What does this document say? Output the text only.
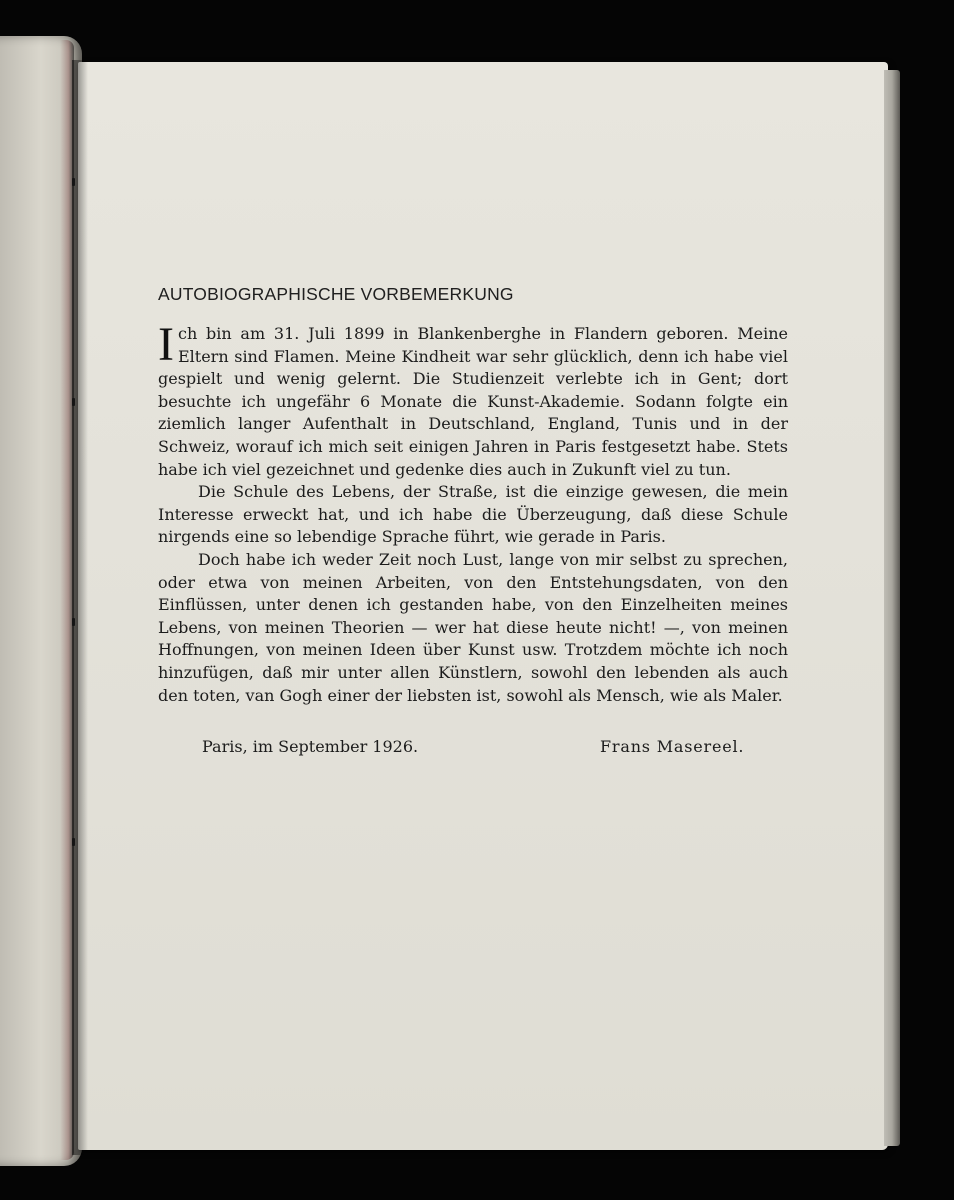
AUTOBIOGRAPHISCHE VORBEMERKUNG

Ich bin am 31. Juli 1899 in Blankenberghe in Flandern geboren. Meine Eltern sind Flamen. Meine Kindheit war sehr glücklich, denn ich habe viel gespielt und wenig gelernt. Die Studienzeit verlebte ich in Gent; dort besuchte ich ungefähr 6 Monate die Kunst-Akademie. Sodann folgte ein ziemlich langer Aufenthalt in Deutschland, England, Tunis und in der Schweiz, worauf ich mich seit einigen Jahren in Paris festgesetzt habe. Stets habe ich viel gezeichnet und gedenke dies auch in Zukunft viel zu tun.

Die Schule des Lebens, der Straße, ist die einzige gewesen, die mein Interesse erweckt hat, und ich habe die Überzeugung, daß diese Schule nirgends eine so lebendige Sprache führt, wie gerade in Paris.

Doch habe ich weder Zeit noch Lust, lange von mir selbst zu sprechen, oder etwa von meinen Arbeiten, von den Entstehungsdaten, von den Einflüssen, unter denen ich gestanden habe, von den Einzelheiten meines Lebens, von meinen Theorien — wer hat diese heute nicht! —, von meinen Hoffnungen, von meinen Ideen über Kunst usw. Trotzdem möchte ich noch hinzufügen, daß mir unter allen Künstlern, sowohl den lebenden als auch den toten, van Gogh einer der liebsten ist, sowohl als Mensch, wie als Maler.

Paris, im September 1926.	Frans Masereel.
